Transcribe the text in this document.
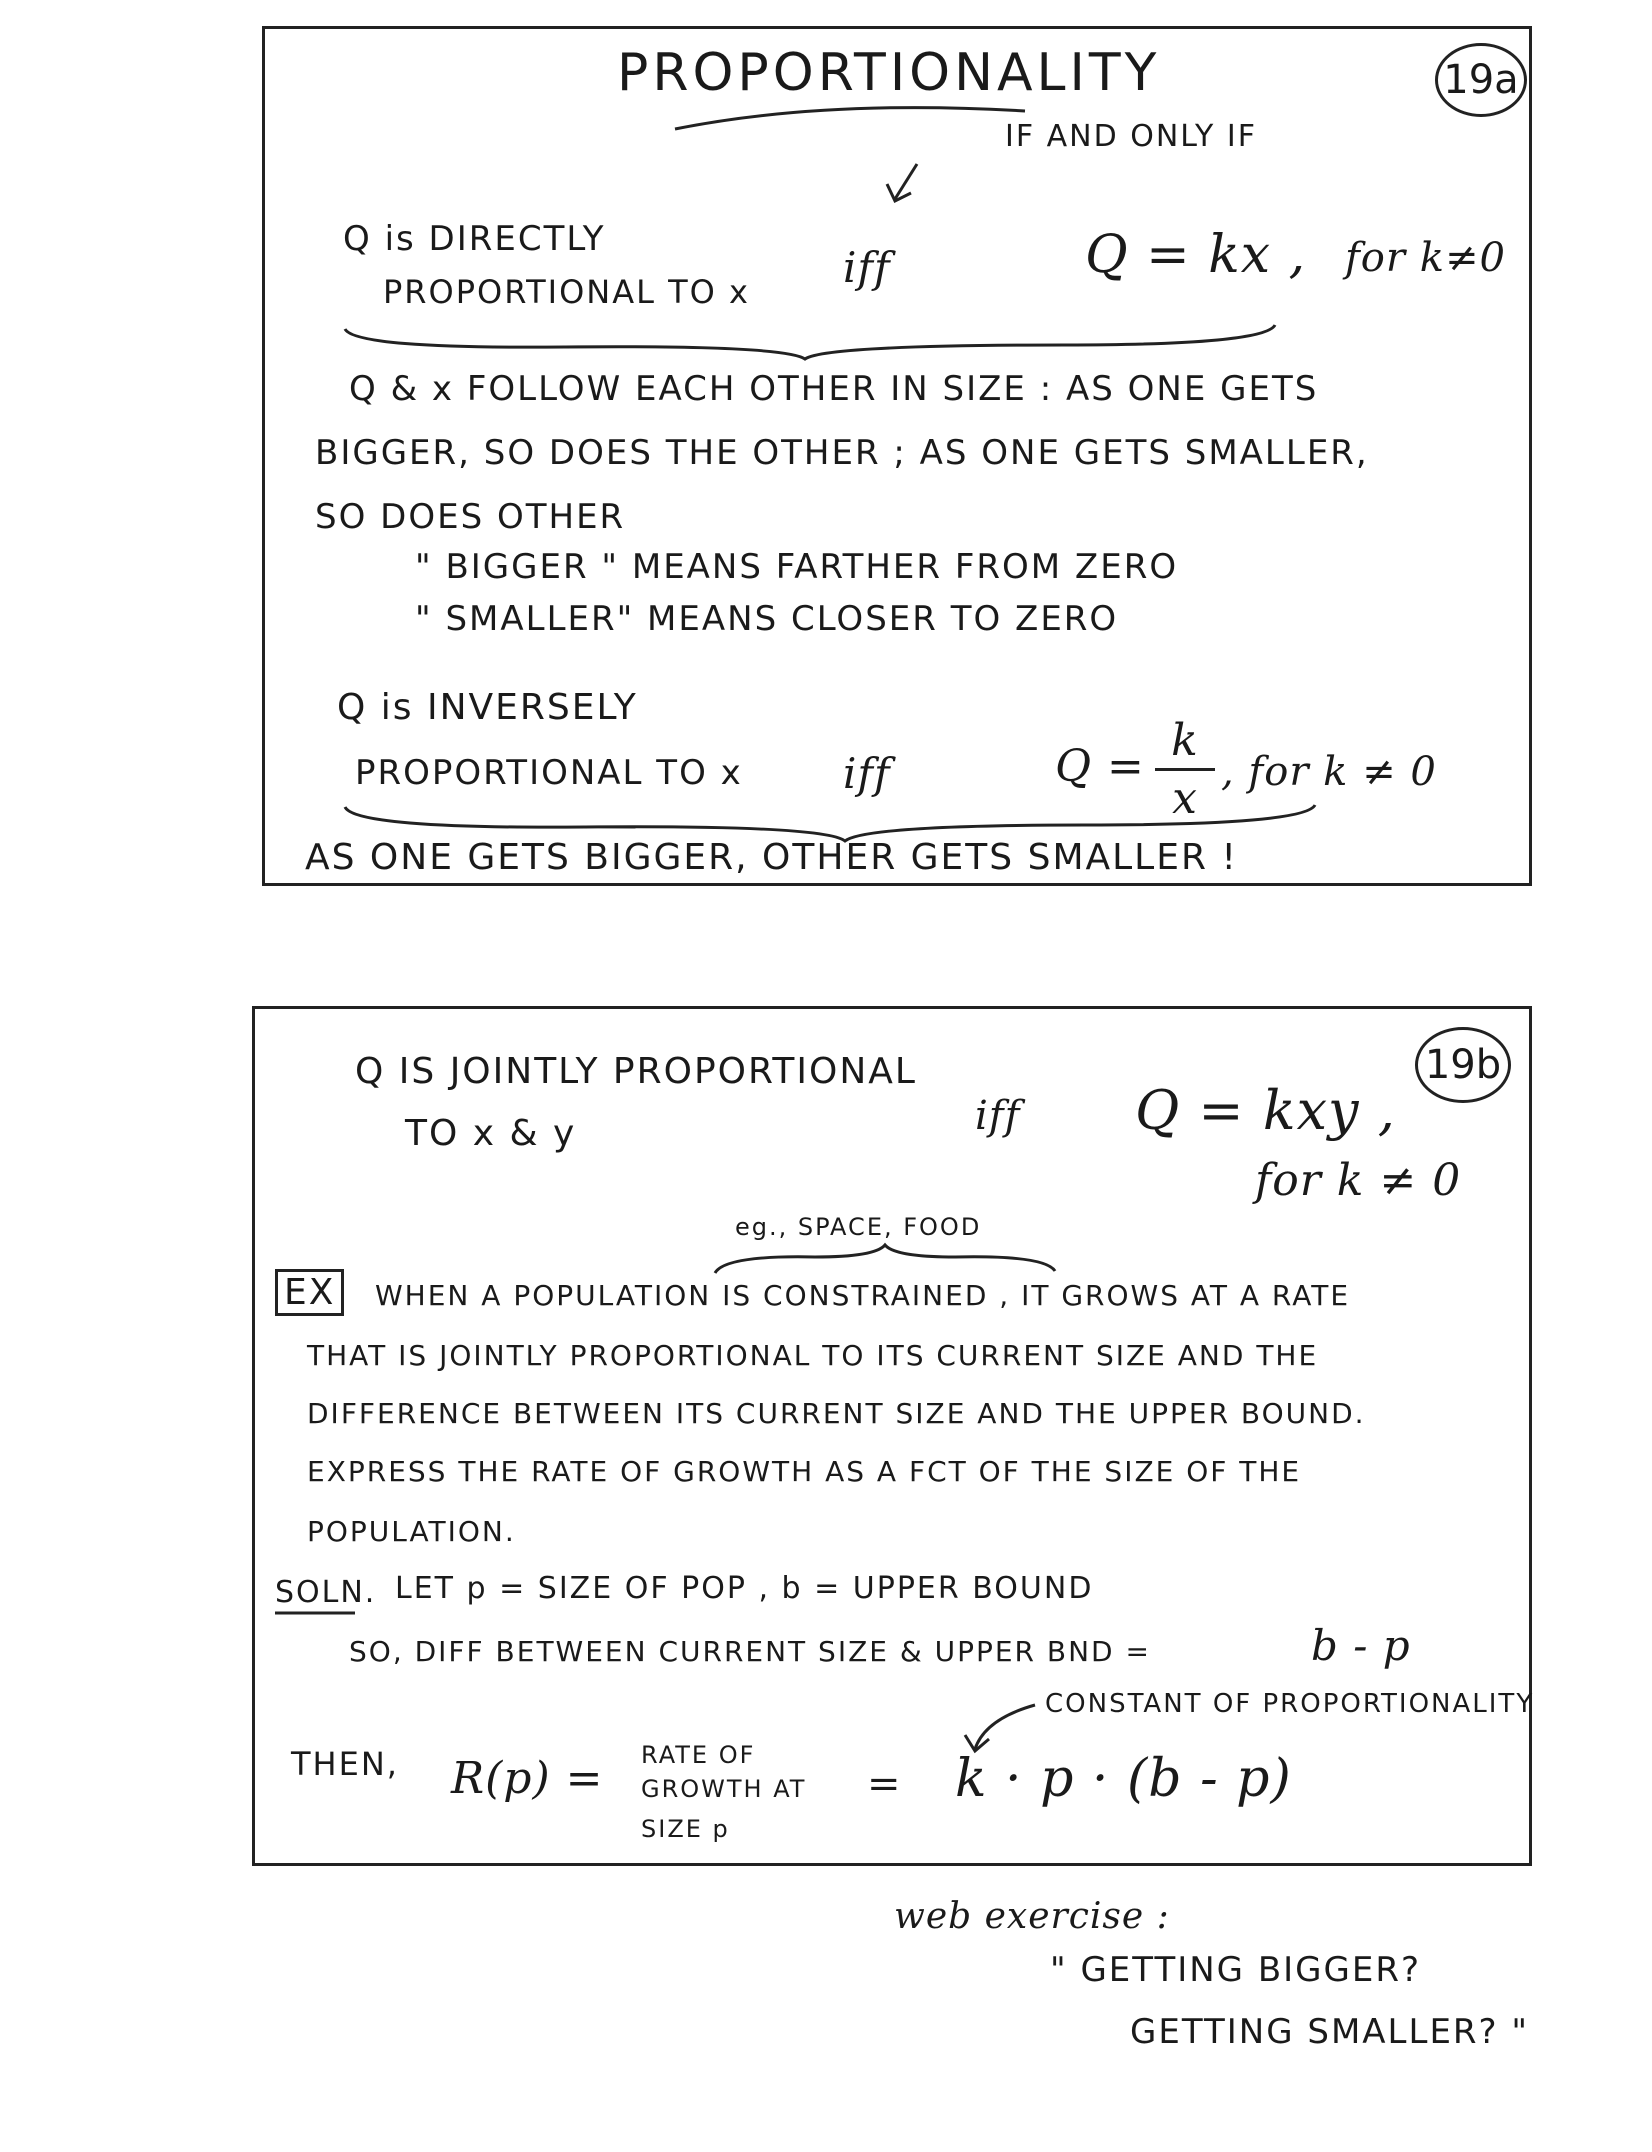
PROPORTIONALITY	19a
IF AND ONLY IF
Q is DIRECTLY
PROPORTIONAL TO x iff	Q = kx , for k≠0
Q & x FOLLOW EACH OTHER IN SIZE : AS ONE GETS
BIGGER, SO DOES THE OTHER ; AS ONE GETS SMALLER,
SO DOES OTHER
" BIGGER " MEANS FARTHER FROM ZERO
" SMALLER" MEANS CLOSER TO ZERO
Q is INVERSELY
PROPORTIONAL TO x iff	Q =
k
x
, for k ≠ 0
AS ONE GETS BIGGER, OTHER GETS SMALLER !
19b
Q IS JOINTLY PROPORTIONAL
TO x & y	iff Q = kxy ,
for k ≠ 0
eg., SPACE, FOOD
EX	WHEN A POPULATION IS CONSTRAINED , IT GROWS AT A RATE
THAT IS JOINTLY PROPORTIONAL TO ITS CURRENT SIZE AND THE
DIFFERENCE BETWEEN ITS CURRENT SIZE AND THE UPPER BOUND.
EXPRESS THE RATE OF GROWTH AS A FCT OF THE SIZE OF THE
POPULATION.
SOLN. LET p = SIZE OF POP , b = UPPER BOUND
SO, DIFF BETWEEN CURRENT SIZE & UPPER BND =	b - p
CONSTANT OF PROPORTIONALITY
THEN, R(p) = RATE OF
GROWTH AT
SIZE p
= k · p · (b - p)
web exercise :
" GETTING BIGGER?
GETTING SMALLER? "
